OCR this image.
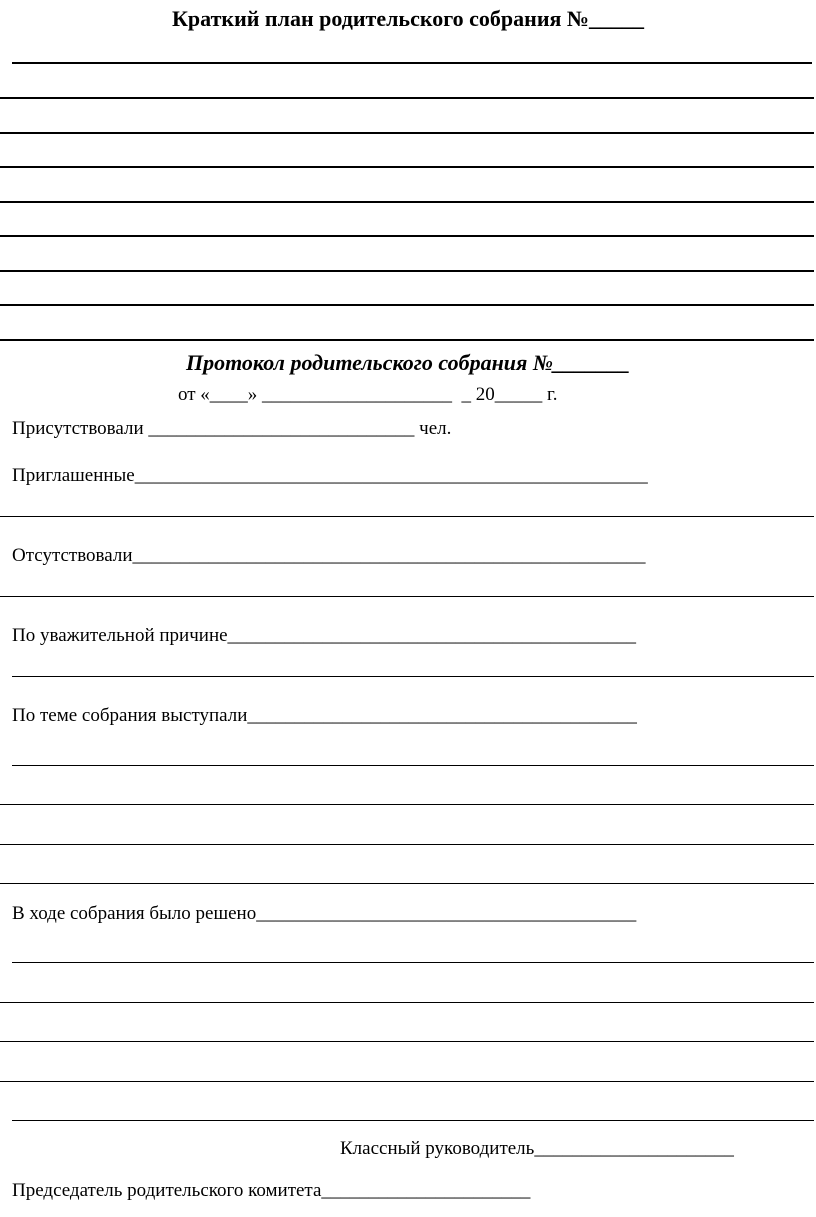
Краткий план родительского собрания №_____
Протокол родительского собрания №_______
от «____» ____________________  _ 20_____ г.
Присутствовали ____________________________ чел.
Приглашенные______________________________________________________
Отсутствовали______________________________________________________
По уважительной причине___________________________________________
По теме собрания выступали_________________________________________
В ходе собрания было решено________________________________________
Классный руководитель_____________________
Председатель родительского комитета______________________
